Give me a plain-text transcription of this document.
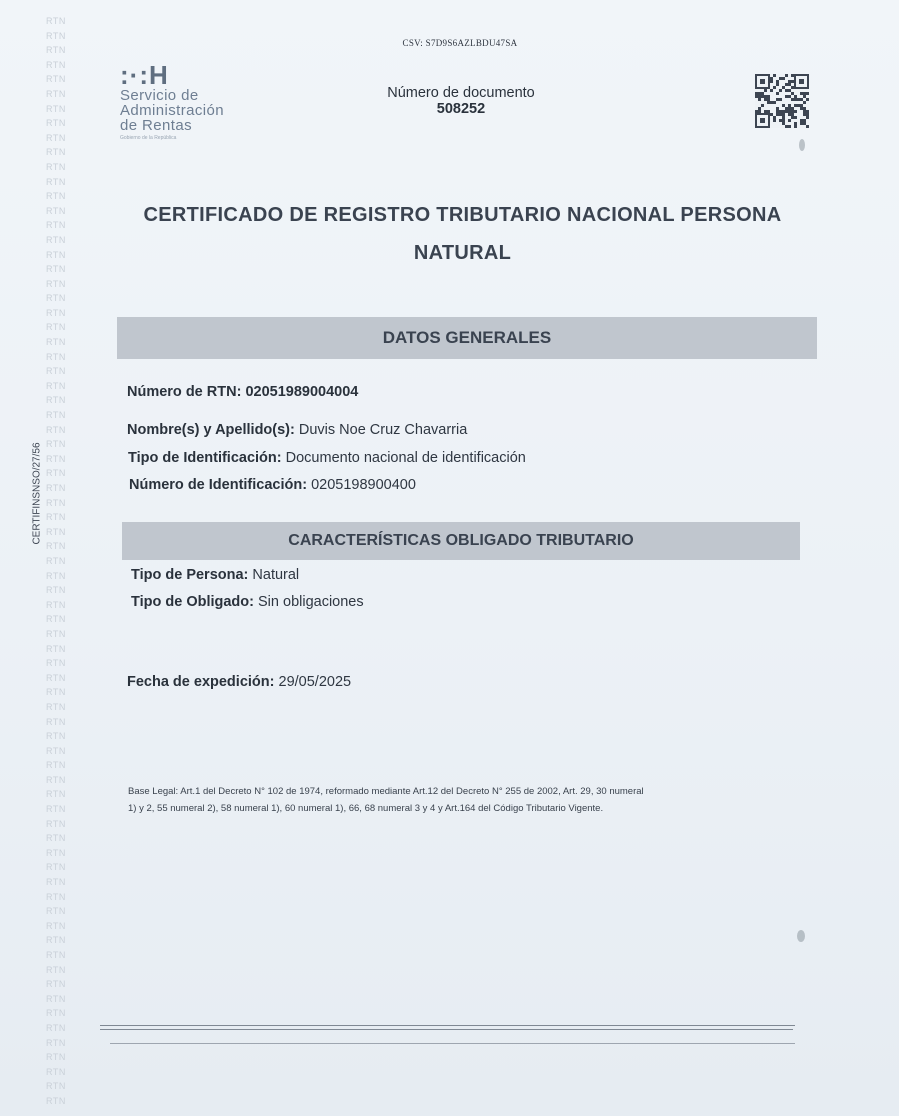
RTN
RTN
RTN
RTN
RTN
RTN
RTN
RTN
RTN
RTN
RTN
RTN
RTN
RTN
RTN
RTN
RTN
RTN
RTN
RTN
RTN
RTN
RTN
RTN
RTN
RTN
RTN
RTN
RTN
RTN
RTN
RTN
RTN
RTN
RTN
RTN
RTN
RTN
RTN
RTN
RTN
RTN
RTN
RTN
RTN
RTN
RTN
RTN
RTN
RTN
RTN
RTN
RTN
RTN
RTN
RTN
RTN
RTN
RTN
RTN
RTN
RTN
RTN
RTN
RTN
RTN
RTN
RTN
RTN
RTN
RTN
RTN
RTN
RTN
RTN
CERTIFINSNSO/27/56
CSV: S7D9S6AZLBDU47SA
:·:H
Servicio de
Administración
de Rentas
Gobierno de la República
Número de documento
508252
CERTIFICADO DE REGISTRO TRIBUTARIO NACIONAL PERSONA
NATURAL
DATOS GENERALES
Número de RTN: 02051989004004
Nombre(s) y Apellido(s): Duvis Noe Cruz Chavarria
Tipo de Identificación: Documento nacional de identificación
Número de Identificación: 0205198900400
CARACTERÍSTICAS OBLIGADO TRIBUTARIO
Tipo de Persona: Natural
Tipo de Obligado: Sin obligaciones
Fecha de expedición: 29/05/2025
Base Legal: Art.1 del Decreto N° 102 de 1974, reformado mediante Art.12 del Decreto N° 255 de 2002, Art. 29, 30 numeral
1) y 2, 55 numeral 2), 58 numeral 1), 60 numeral 1), 66, 68 numeral 3 y 4 y Art.164 del Código Tributario Vigente.
